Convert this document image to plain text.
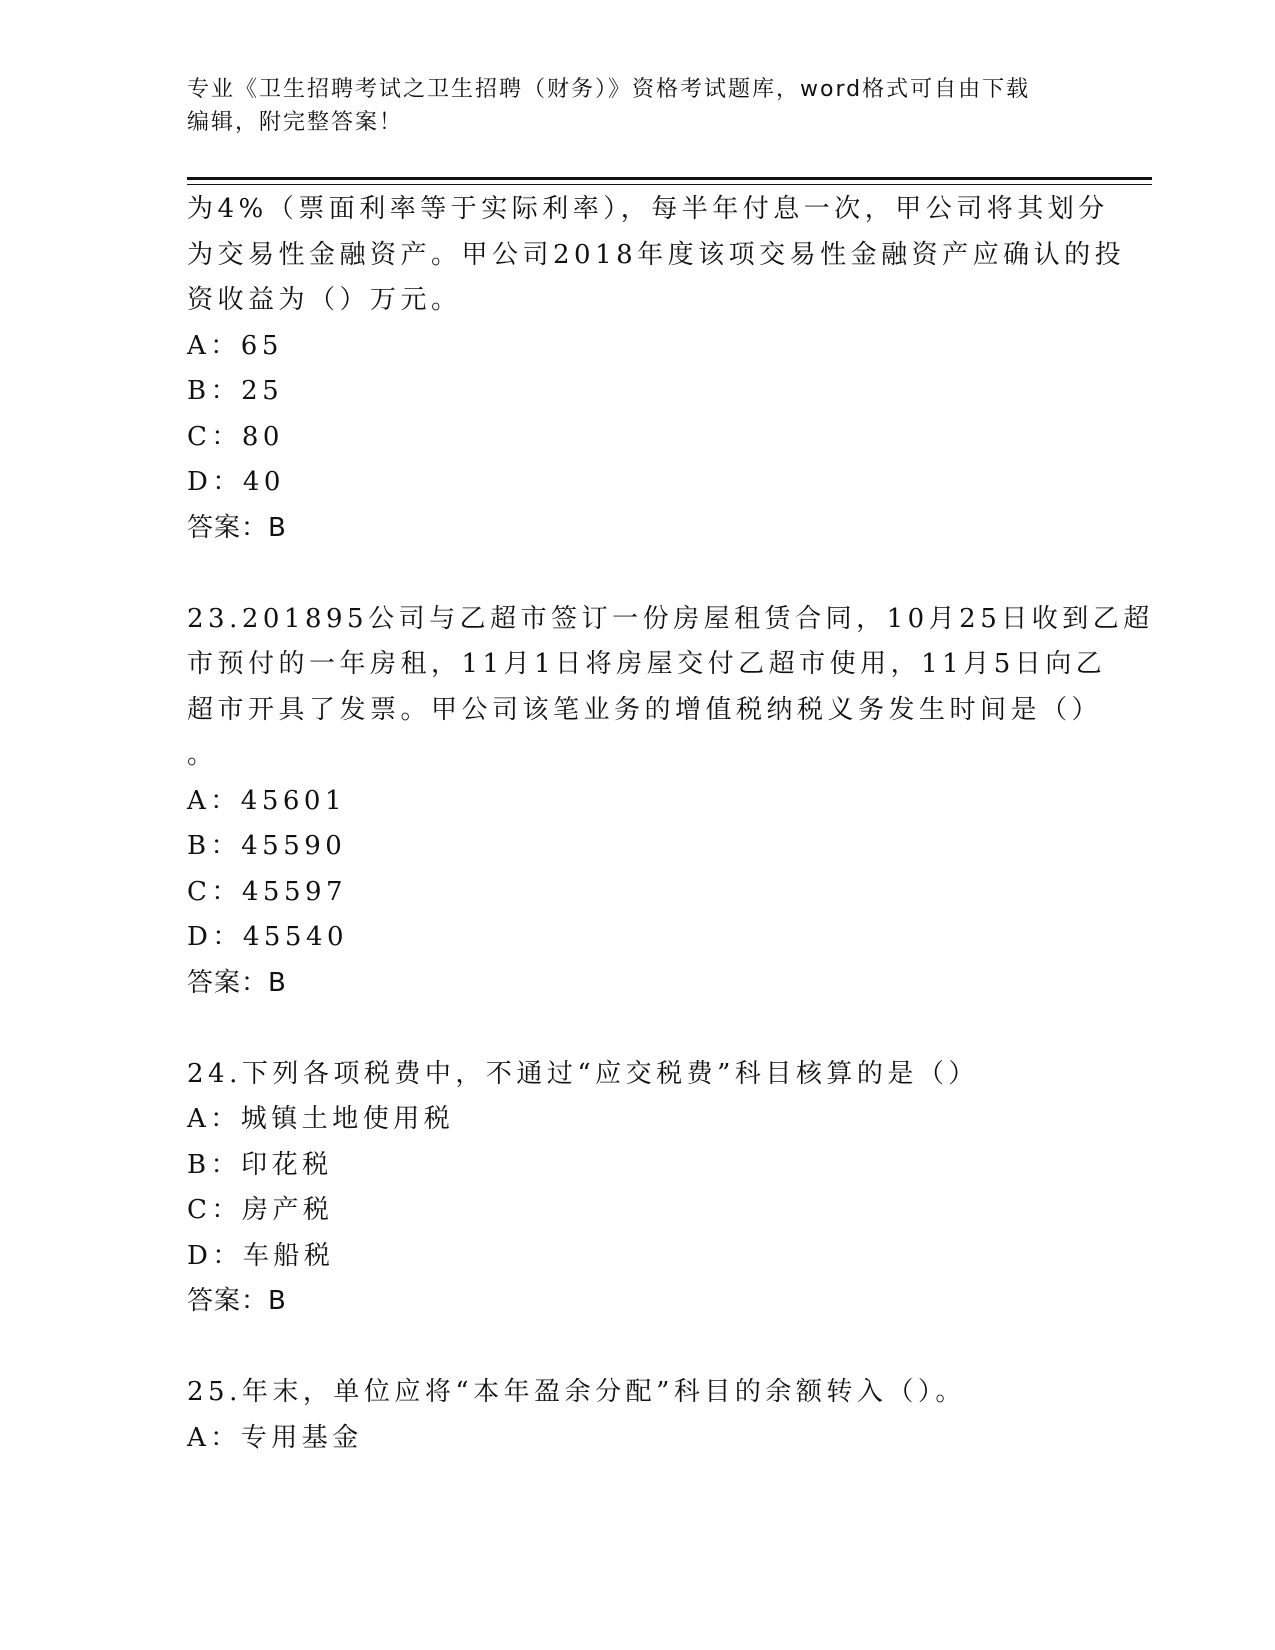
专业《卫生招聘考试之卫生招聘（财务）》资格考试题库，word格式可自由下载
编辑，附完整答案！
为4%（票面利率等于实际利率），每半年付息一次，甲公司将其划分
为交易性金融资产。甲公司2018年度该项交易性金融资产应确认的投
资收益为（）万元。
A：65
B：25
C：80
D：40
答案：B
23.201895公司与乙超市签订一份房屋租赁合同，10月25日收到乙超
市预付的一年房租，11月1日将房屋交付乙超市使用，11月5日向乙
超市开具了发票。甲公司该笔业务的增值税纳税义务发生时间是（）
。
A：45601
B：45590
C：45597
D：45540
答案：B
24.下列各项税费中，不通过“应交税费”科目核算的是（）
A：城镇土地使用税
B：印花税
C：房产税
D：车船税
答案：B
25.年末，单位应将“本年盈余分配”科目的余额转入（）。
A：专用基金
